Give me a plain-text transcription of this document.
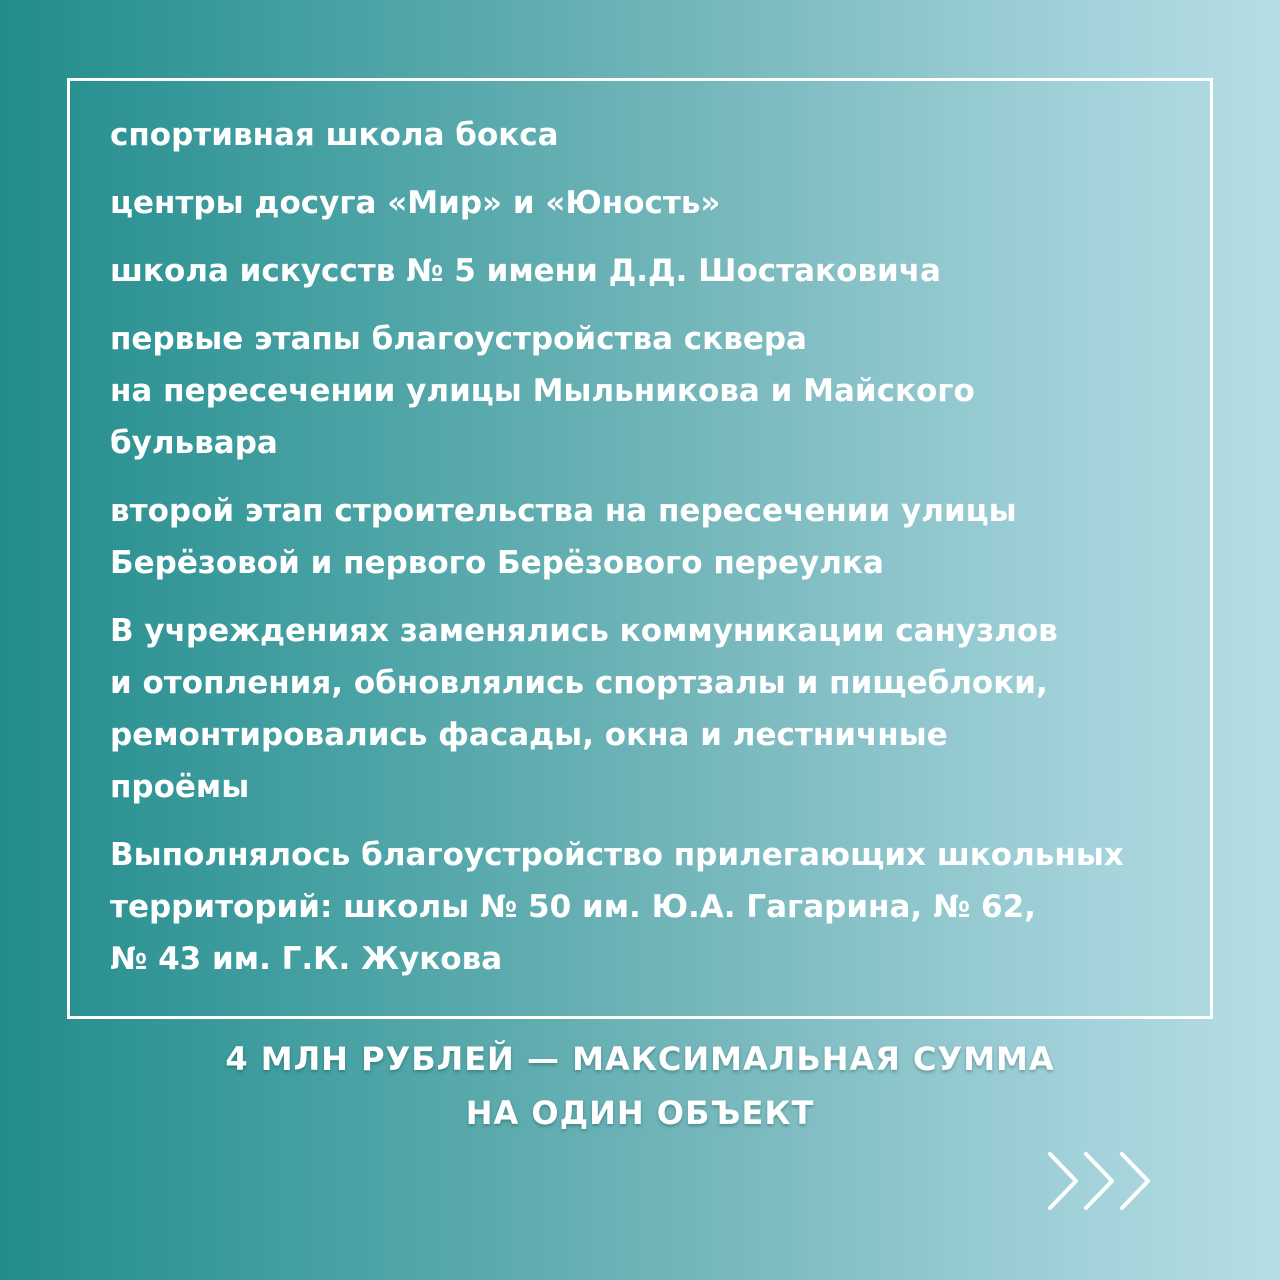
спортивная школа бокса
центры досуга «Мир» и «Юность»
школа искусств № 5 имени Д.Д. Шостаковича
первые этапы благоустройства сквера
на пересечении улицы Мыльникова и Майского
бульвара
второй этап строительства на пересечении улицы
Берёзовой и первого Берёзового переулка
В учреждениях заменялись коммуникации санузлов
и отопления, обновлялись спортзалы и пищеблоки,
ремонтировались фасады, окна и лестничные
проёмы
Выполнялось благоустройство прилегающих школьных
территорий: школы № 50 им. Ю.А. Гагарина, № 62,
№ 43 им. Г.К. Жукова
4 МЛН РУБЛЕЙ — МАКСИМАЛЬНАЯ СУММА
НА ОДИН ОБЪЕКТ
